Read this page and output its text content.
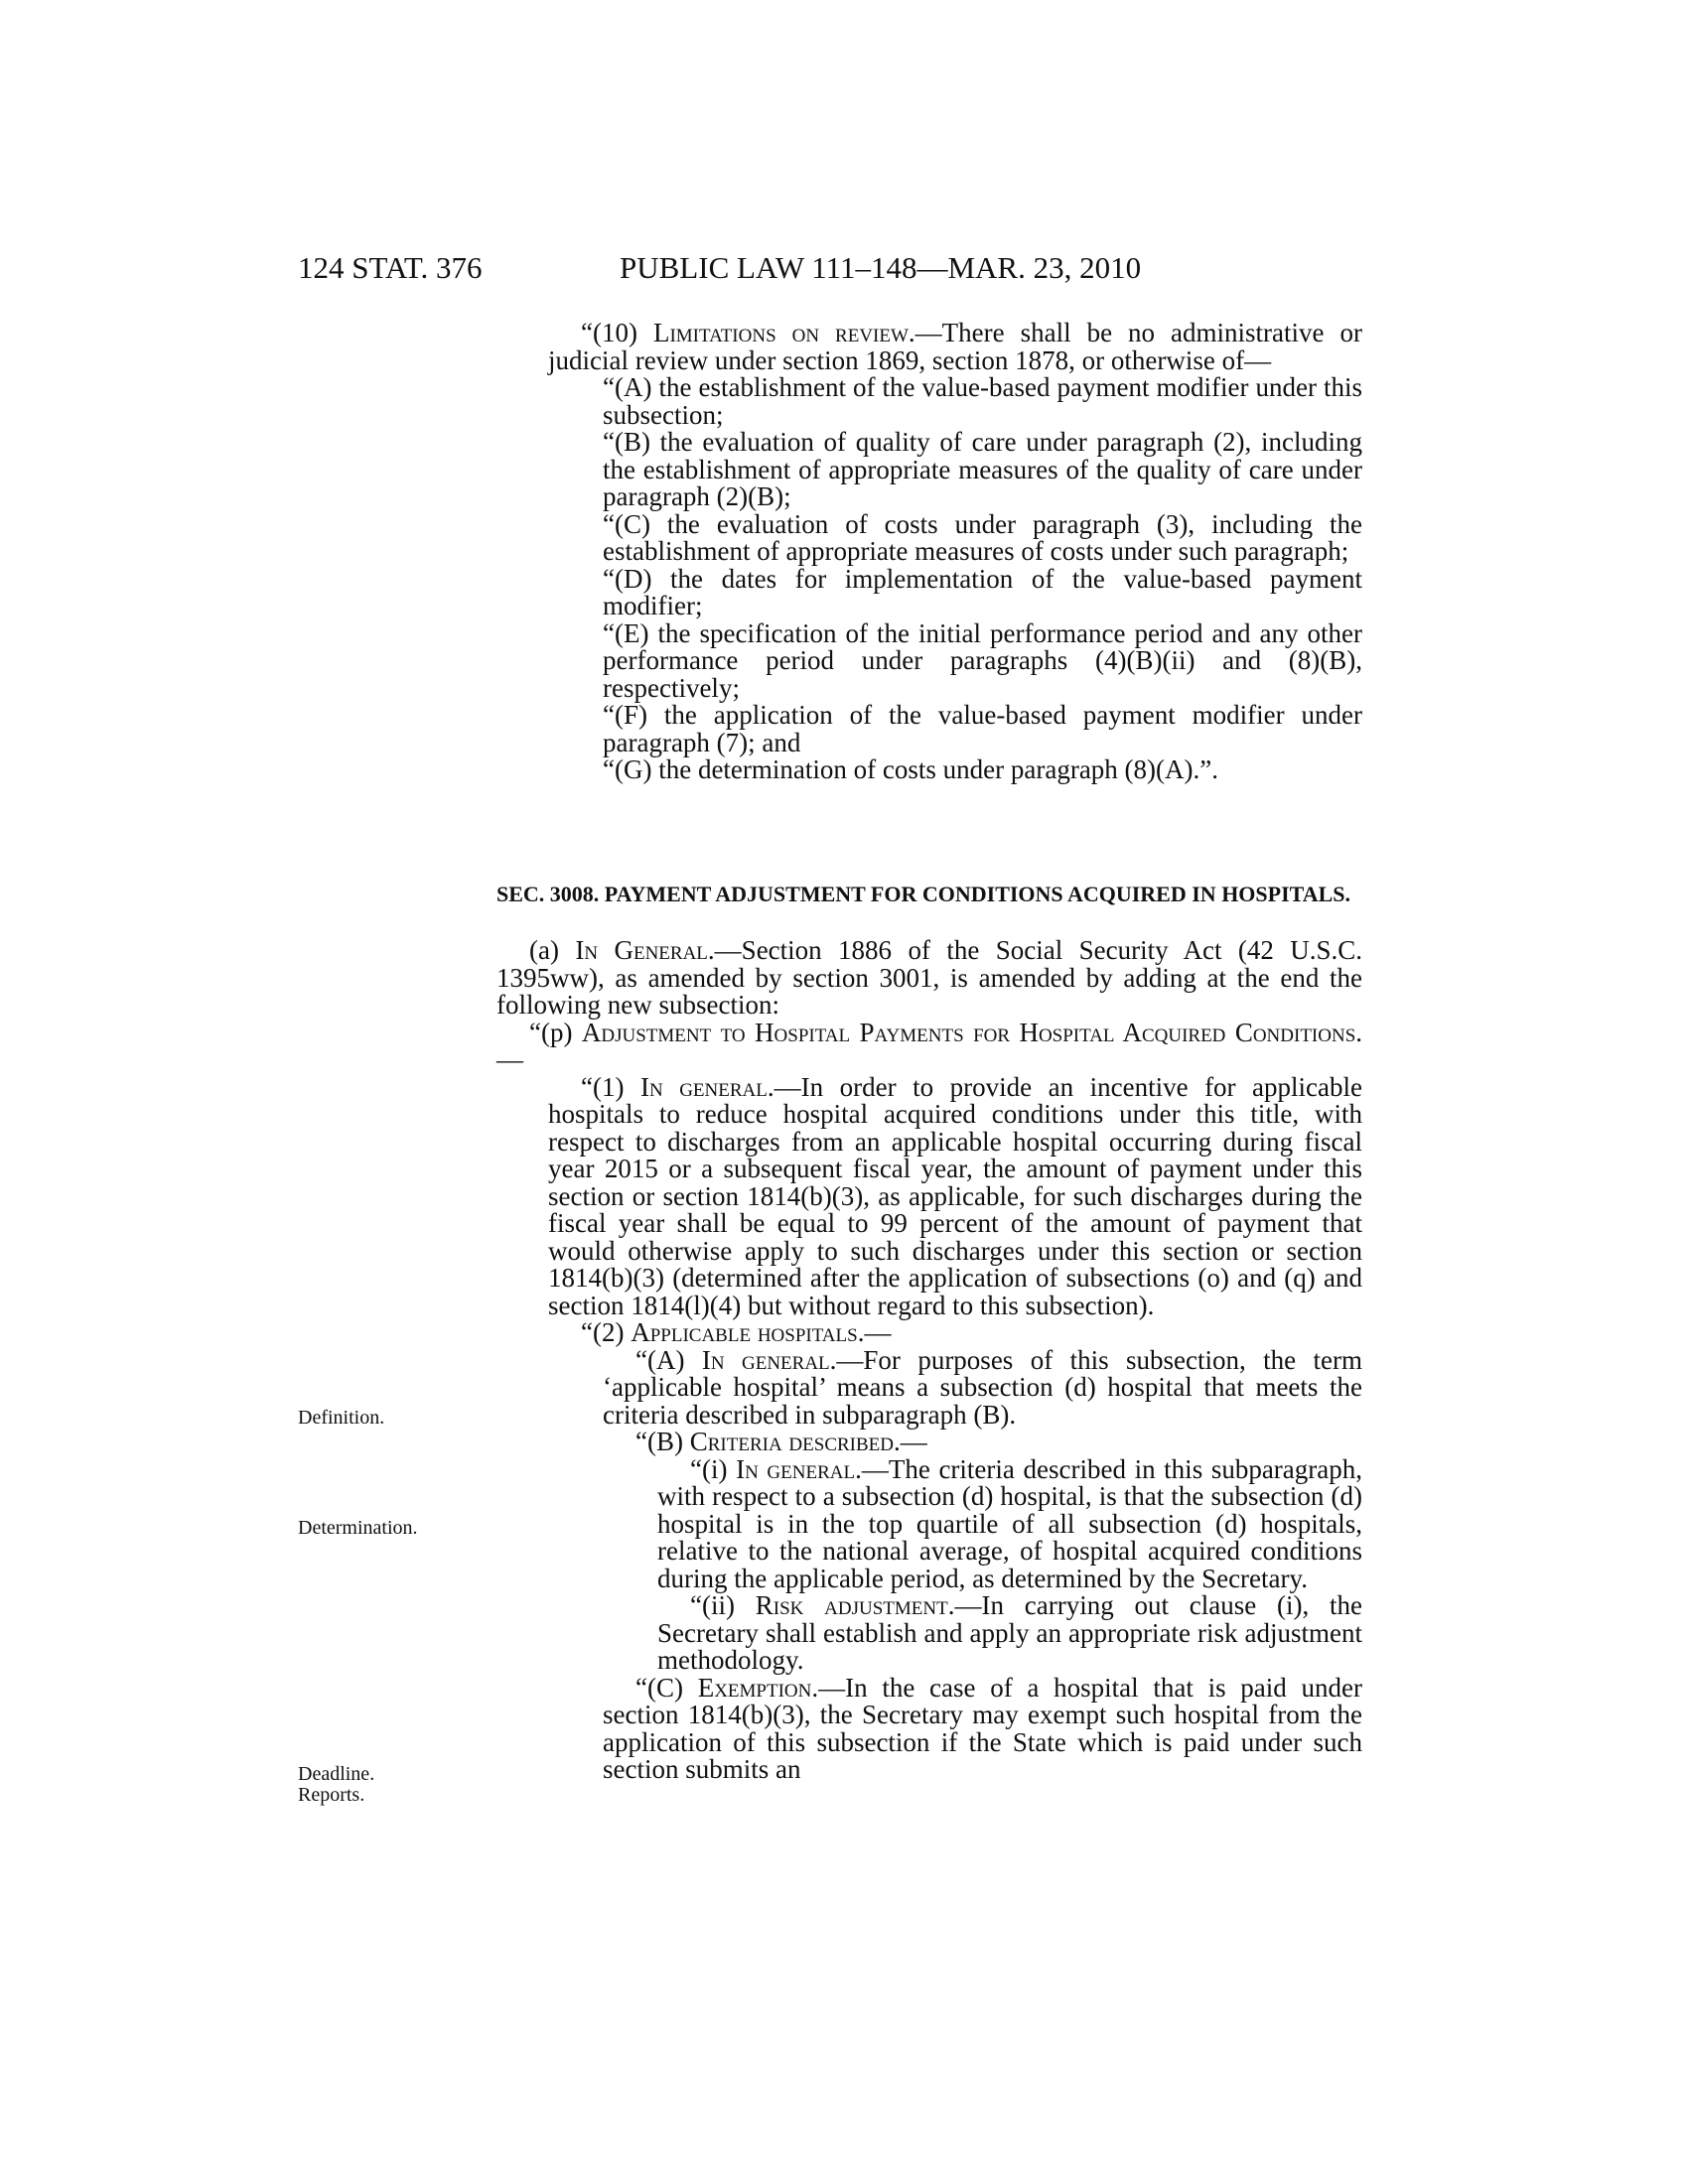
124 STAT. 376	PUBLIC LAW 111–148—MAR. 23, 2010

“(10) Limitations on review.—There shall be no administrative or judicial review under section 1869, section 1878, or otherwise of—

“(A) the establishment of the value-based payment modifier under this subsection;

“(B) the evaluation of quality of care under paragraph (2), including the establishment of appropriate measures of the quality of care under paragraph (2)(B);

“(C) the evaluation of costs under paragraph (3), including the establishment of appropriate measures of costs under such paragraph;

“(D) the dates for implementation of the value-based payment modifier;

“(E) the specification of the initial performance period and any other performance period under paragraphs (4)(B)(ii) and (8)(B), respectively;

“(F) the application of the value-based payment modifier under paragraph (7); and

“(G) the determination of costs under paragraph (8)(A).”.

SEC. 3008. PAYMENT ADJUSTMENT FOR CONDITIONS ACQUIRED IN HOSPITALS.

(a) In General.—Section 1886 of the Social Security Act (42 U.S.C. 1395ww), as amended by section 3001, is amended by adding at the end the following new subsection:

“(p) Adjustment to Hospital Payments for Hospital Acquired Conditions.—

“(1) In general.—In order to provide an incentive for applicable hospitals to reduce hospital acquired conditions under this title, with respect to discharges from an applicable hospital occurring during fiscal year 2015 or a subsequent fiscal year, the amount of payment under this section or section 1814(b)(3), as applicable, for such discharges during the fiscal year shall be equal to 99 percent of the amount of payment that would otherwise apply to such discharges under this section or section 1814(b)(3) (determined after the application of subsections (o) and (q) and section 1814(l)(4) but without regard to this subsection).

“(2) Applicable hospitals.—

“(A) In general.—For purposes of this subsection, the term ‘applicable hospital’ means a subsection (d) hospital that meets the criteria described in subparagraph (B).

“(B) Criteria described.—

“(i) In general.—The criteria described in this subparagraph, with respect to a subsection (d) hospital, is that the subsection (d) hospital is in the top quartile of all subsection (d) hospitals, relative to the national average, of hospital acquired conditions during the applicable period, as determined by the Secretary.

“(ii) Risk adjustment.—In carrying out clause (i), the Secretary shall establish and apply an appropriate risk adjustment methodology.

“(C) Exemption.—In the case of a hospital that is paid under section 1814(b)(3), the Secretary may exempt such hospital from the application of this subsection if the State which is paid under such section submits an

Definition.
Determination.
Deadline.
Reports.
